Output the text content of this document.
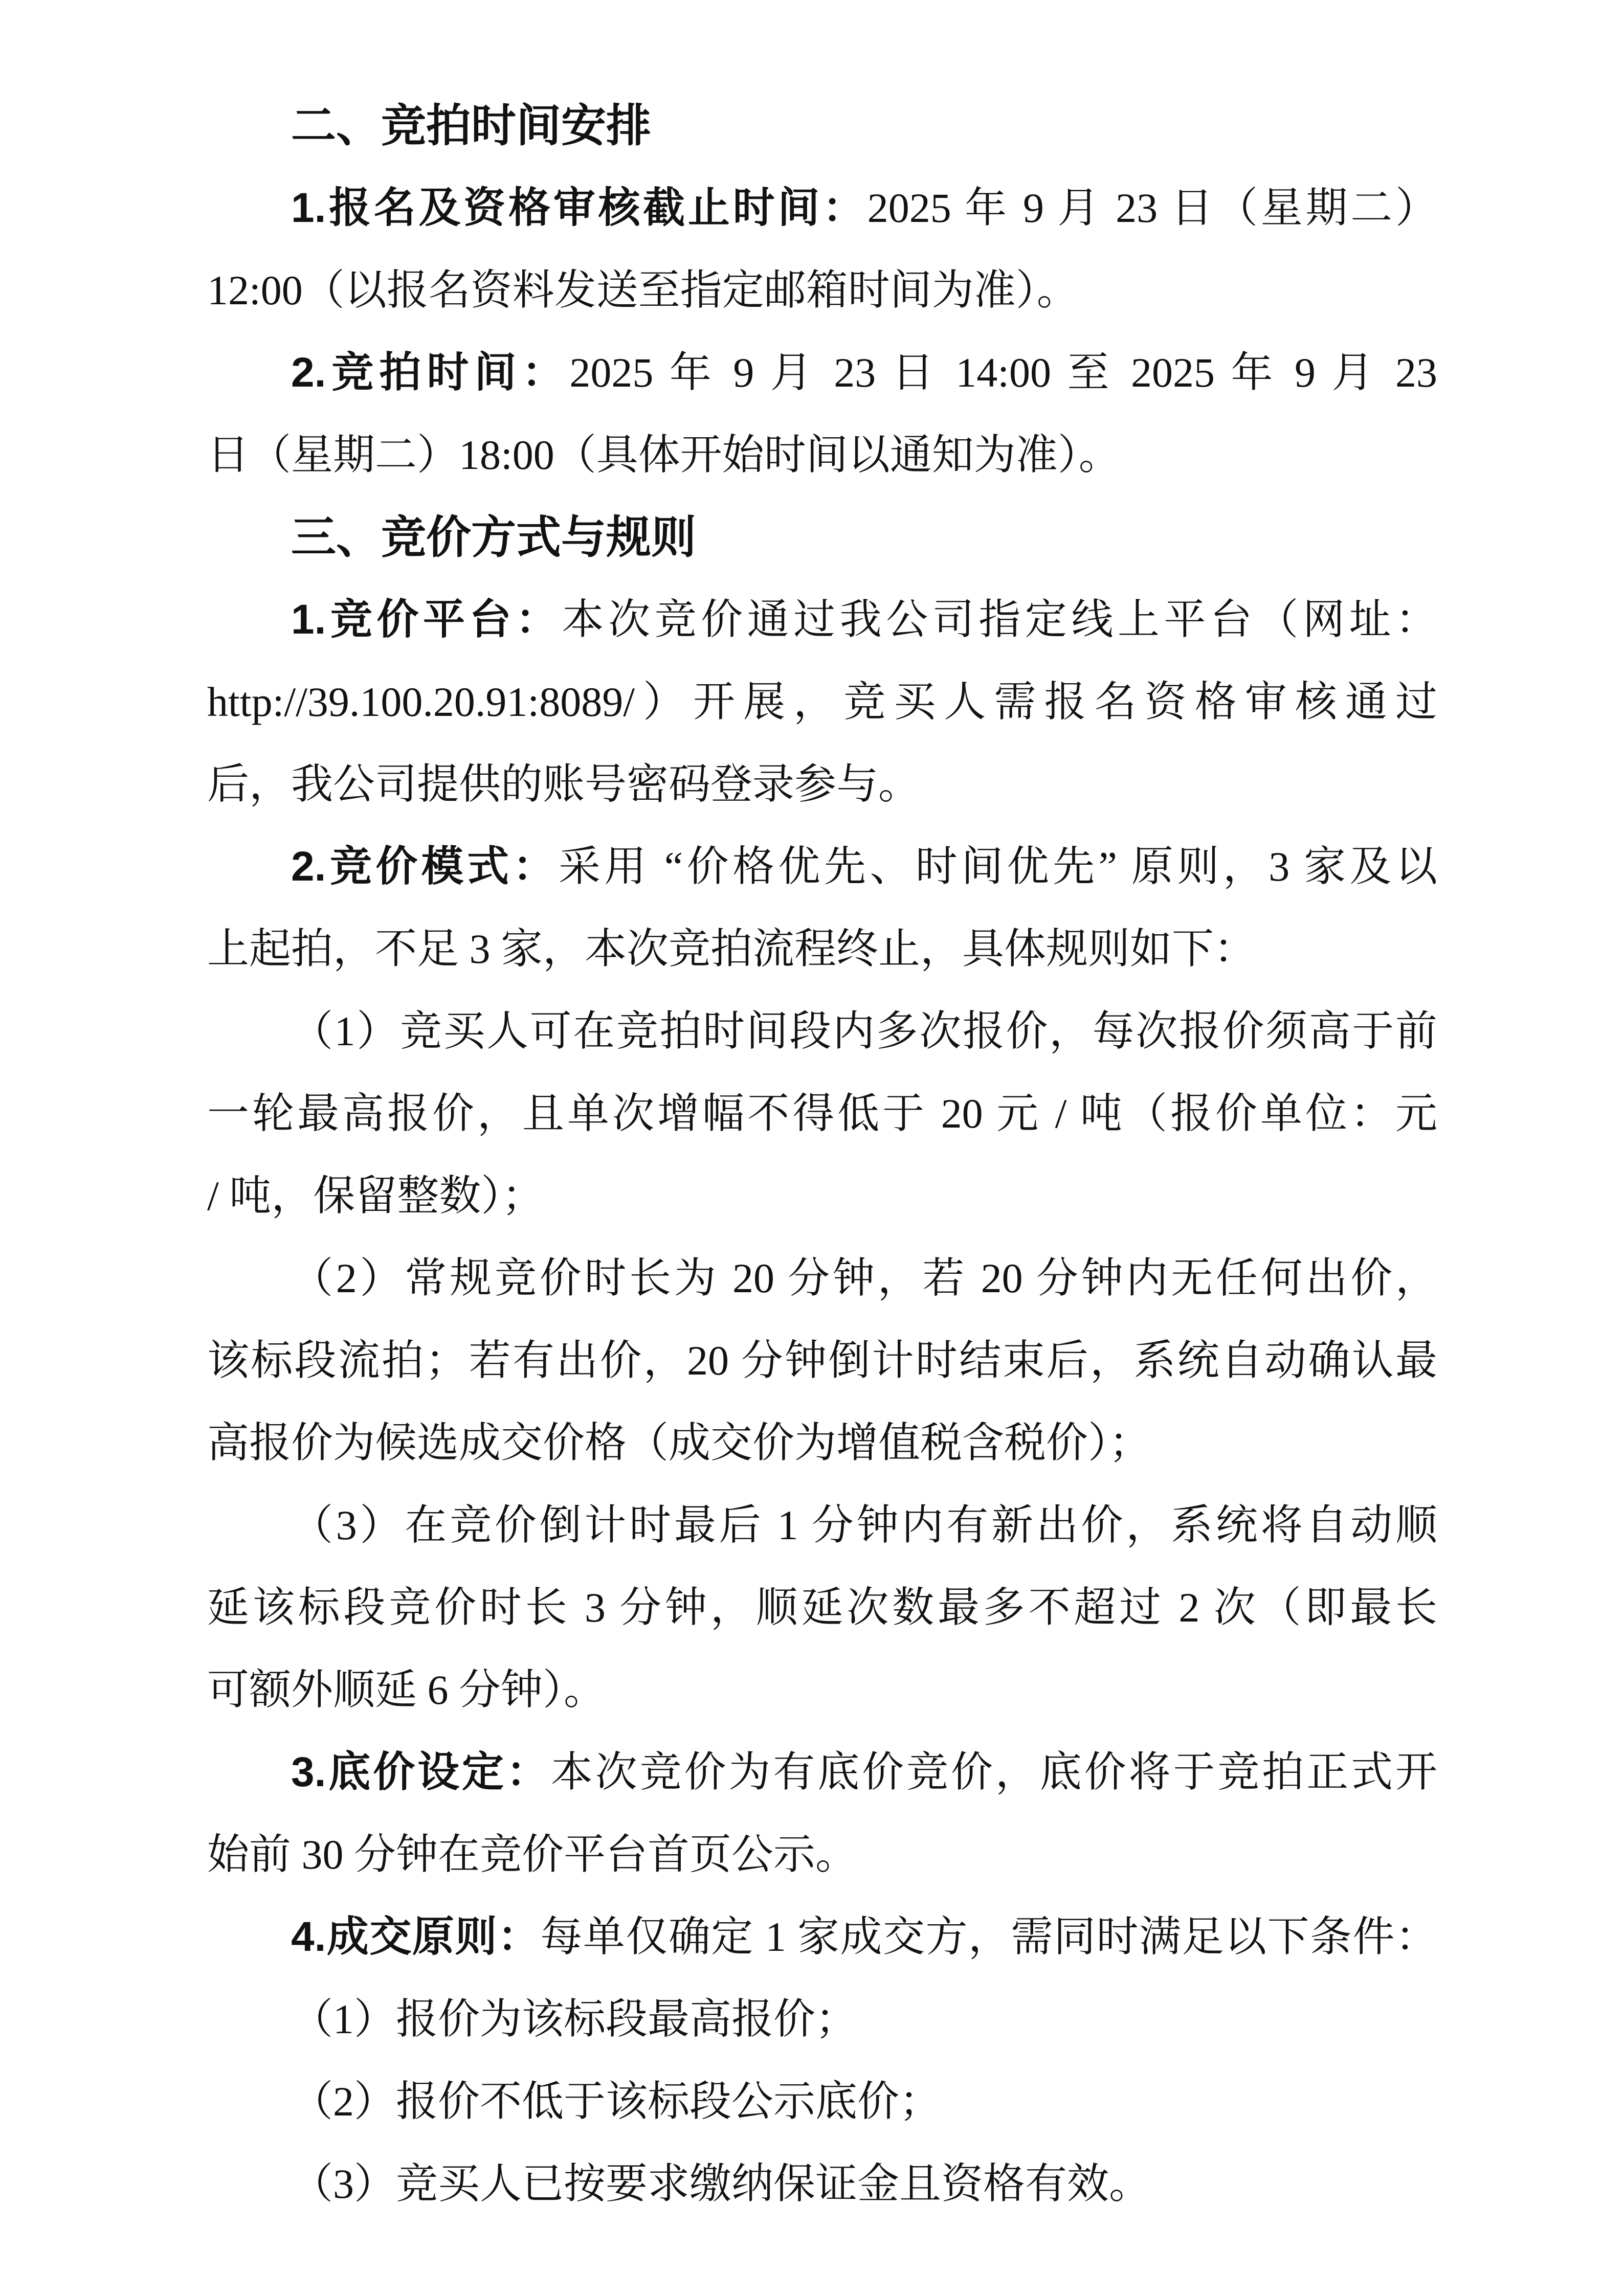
二、竞拍时间安排
1.报名及资格审核截止时间：2025 年 9 月 23 日（星期二）
12:00（以报名资料发送至指定邮箱时间为准）。
2.竞拍时间：2025 年 9 月 23 日 14:00 至 2025 年 9 月 23
日（星期二）18:00（具体开始时间以通知为准）。
三、竞价方式与规则
1.竞价平台：本次竞价通过我公司指定线上平台（网址：
http://39.100.20.91:8089/）开展，竞买人需报名资格审核通过
后，我公司提供的账号密码登录参与。
2.竞价模式：采用 “价格优先、时间优先” 原则，3 家及以
上起拍，不足 3 家，本次竞拍流程终止，具体规则如下：
（1）竞买人可在竞拍时间段内多次报价，每次报价须高于前
一轮最高报价，且单次增幅不得低于 20 元 / 吨（报价单位：元
/ 吨，保留整数）；
（2）常规竞价时长为 20 分钟，若 20 分钟内无任何出价，
该标段流拍；若有出价，20 分钟倒计时结束后，系统自动确认最
高报价为候选成交价格（成交价为增值税含税价）；
（3）在竞价倒计时最后 1 分钟内有新出价，系统将自动顺
延该标段竞价时长 3 分钟，顺延次数最多不超过 2 次（即最长
可额外顺延 6 分钟）。
3.底价设定：本次竞价为有底价竞价，底价将于竞拍正式开
始前 30 分钟在竞价平台首页公示。
4.成交原则：每单仅确定 1 家成交方，需同时满足以下条件：
（1）报价为该标段最高报价；
（2）报价不低于该标段公示底价；
（3）竞买人已按要求缴纳保证金且资格有效。
